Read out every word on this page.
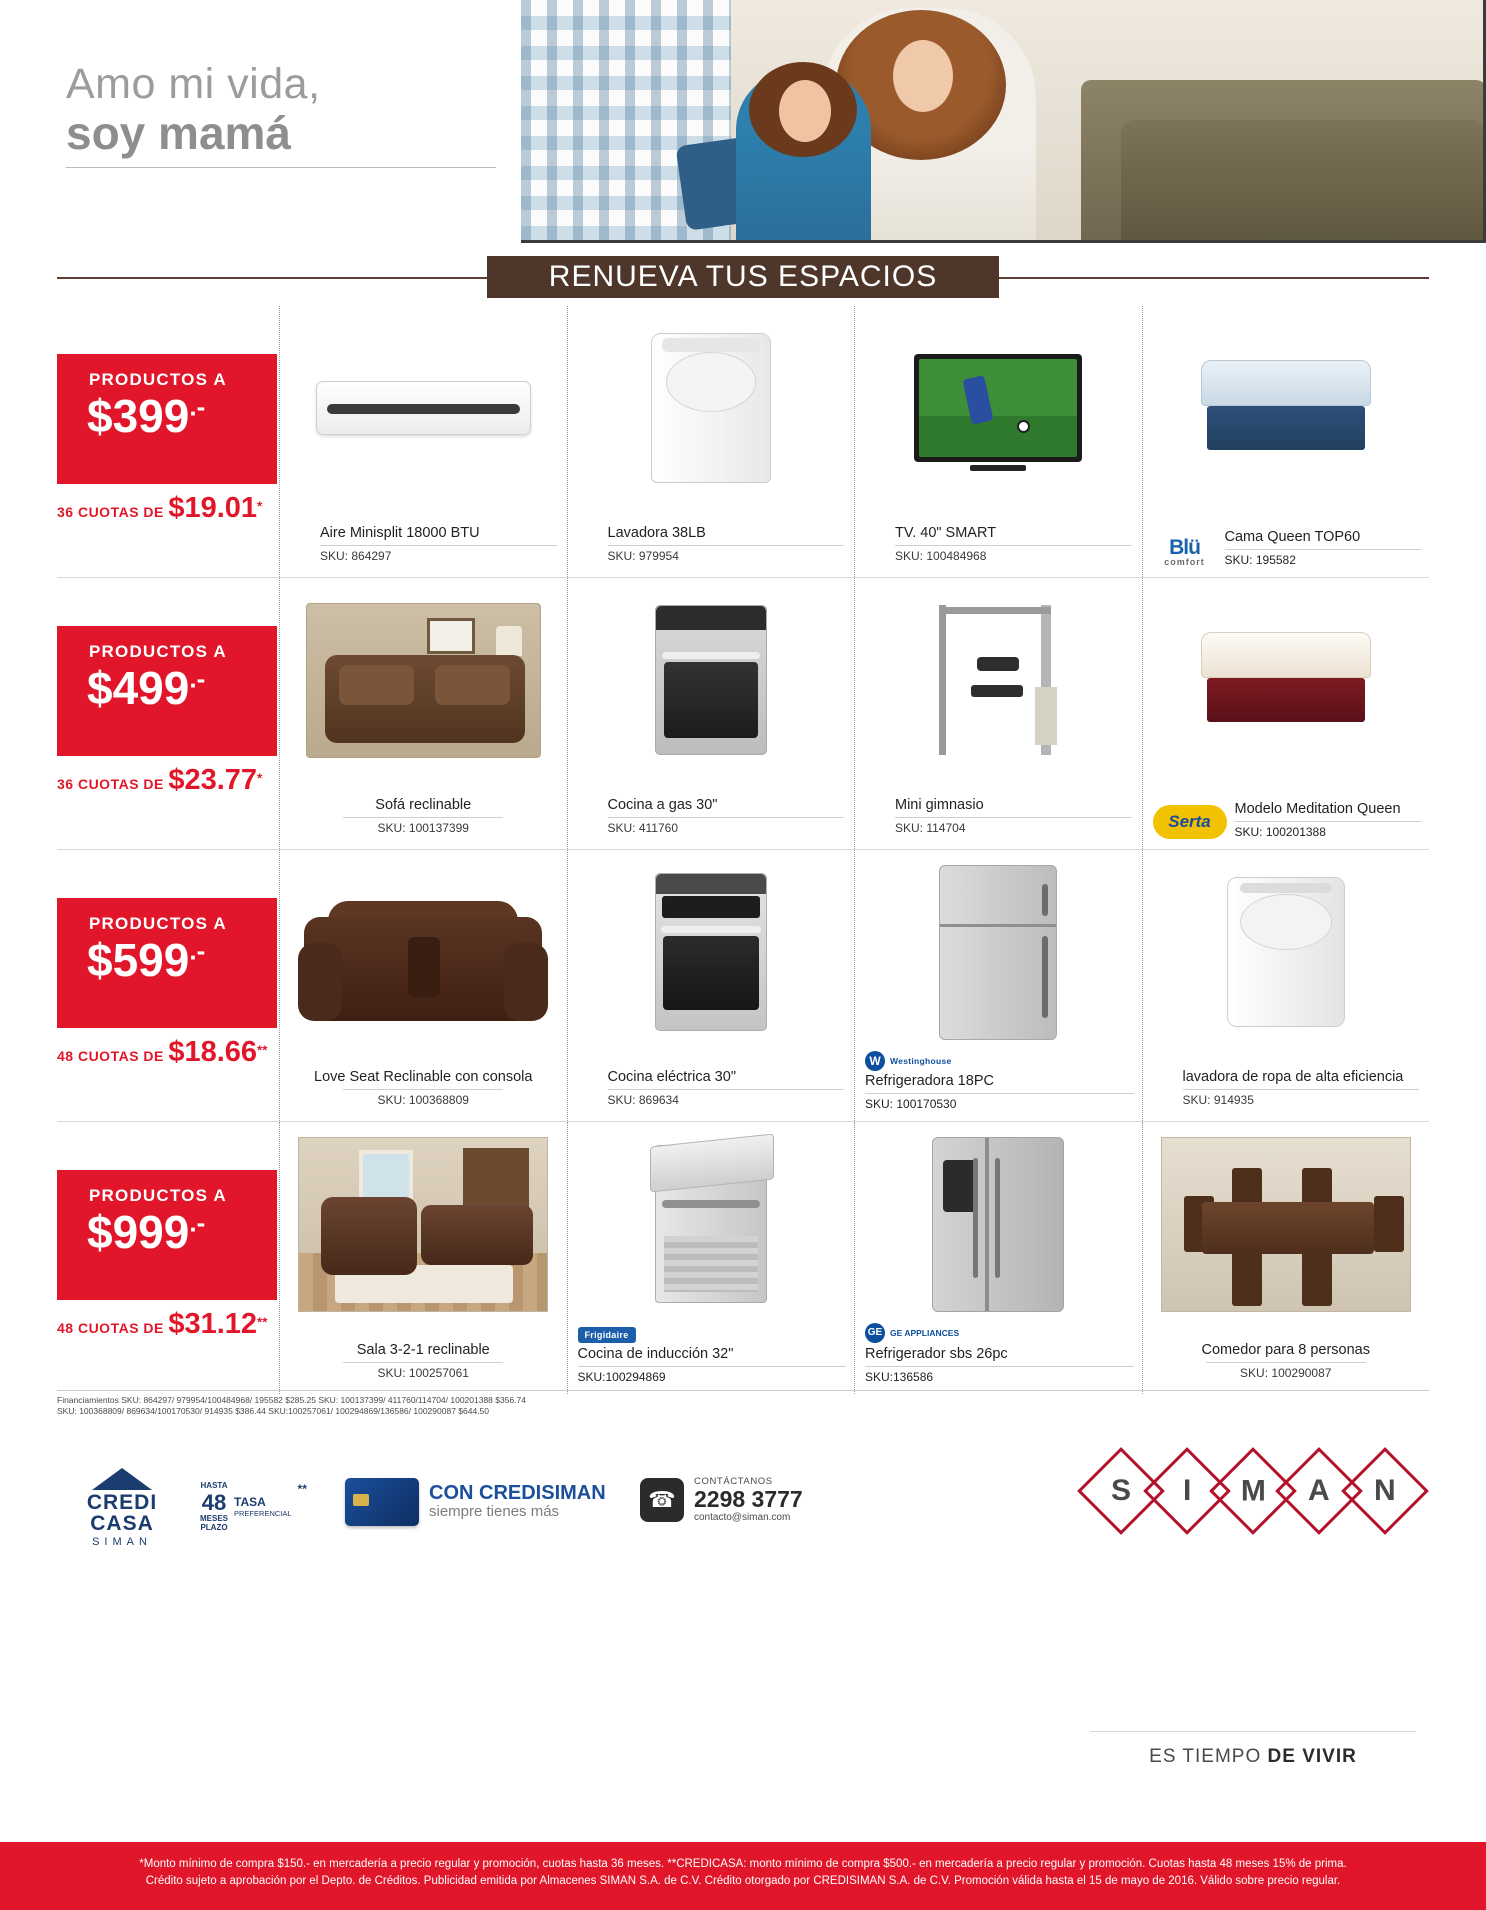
Amo mi vida,
soy mamá
RENUEVA TUS ESPACIOS
PRODUCTOS A
$399.-
36 CUOTAS DE $19.01*
Aire Minisplit 18000 BTU
SKU: 864297
Lavadora 38LB
SKU: 979954
TV. 40" SMART
SKU: 100484968	Blü
comfort
Cama Queen TOP60
SKU: 195582
PRODUCTOS A
$499.-
36 CUOTAS DE $23.77*
Sofá reclinable
SKU: 100137399
Cocina a gas 30"
SKU: 411760
Mini gimnasio
SKU: 114704	Serta
Modelo Meditation Queen
SKU: 100201388
PRODUCTOS A
$599.-
48 CUOTAS DE $18.66**
Love Seat Reclinable con consola
SKU: 100368809
Cocina eléctrica 30"
SKU: 869634
W	Westinghouse
Refrigeradora 18PC
SKU: 100170530
lavadora de ropa de alta eficiencia
SKU: 914935
PRODUCTOS A
$999.-
48 CUOTAS DE $31.12**
Sala 3-2-1 reclinable
SKU: 100257061
Frigidaire
Cocina de inducción 32"
SKU:100294869
GE GE APPLIANCES
Refrigerador sbs 26pc
SKU:136586
Comedor para 8 personas
SKU: 100290087
Financiamientos SKU: 864297/ 979954/100484968/ 195582 $285.25 SKU: 100137399/ 411760/114704/ 100201388 $356.74
SKU: 100368809/ 869634/100170530/ 914935 $386.44 SKU:100257061/ 100294869/136586/ 100290087 $644.50
CREDI
CASA
SIMAN
HASTA
48
MESES
PLAZO
TASA
PREFERENCIAL
**	CON CREDISIMAN
siempre tienes más
☎
CONTÁCTANOS
2298 3777
contacto@siman.com
S I M A N
ES TIEMPO DE VIVIR
*Monto mínimo de compra $150.- en mercadería a precio regular y promoción, cuotas hasta 36 meses. **CREDICASA: monto mínimo de compra $500.- en mercadería a precio regular y promoción. Cuotas hasta 48 meses 15% de prima.
Crédito sujeto a aprobación por el Depto. de Créditos. Publicidad emitida por Almacenes SIMAN S.A. de C.V. Crédito otorgado por CREDISIMAN S.A. de C.V. Promoción válida hasta el 15 de mayo de 2016. Válido sobre precio regular.
